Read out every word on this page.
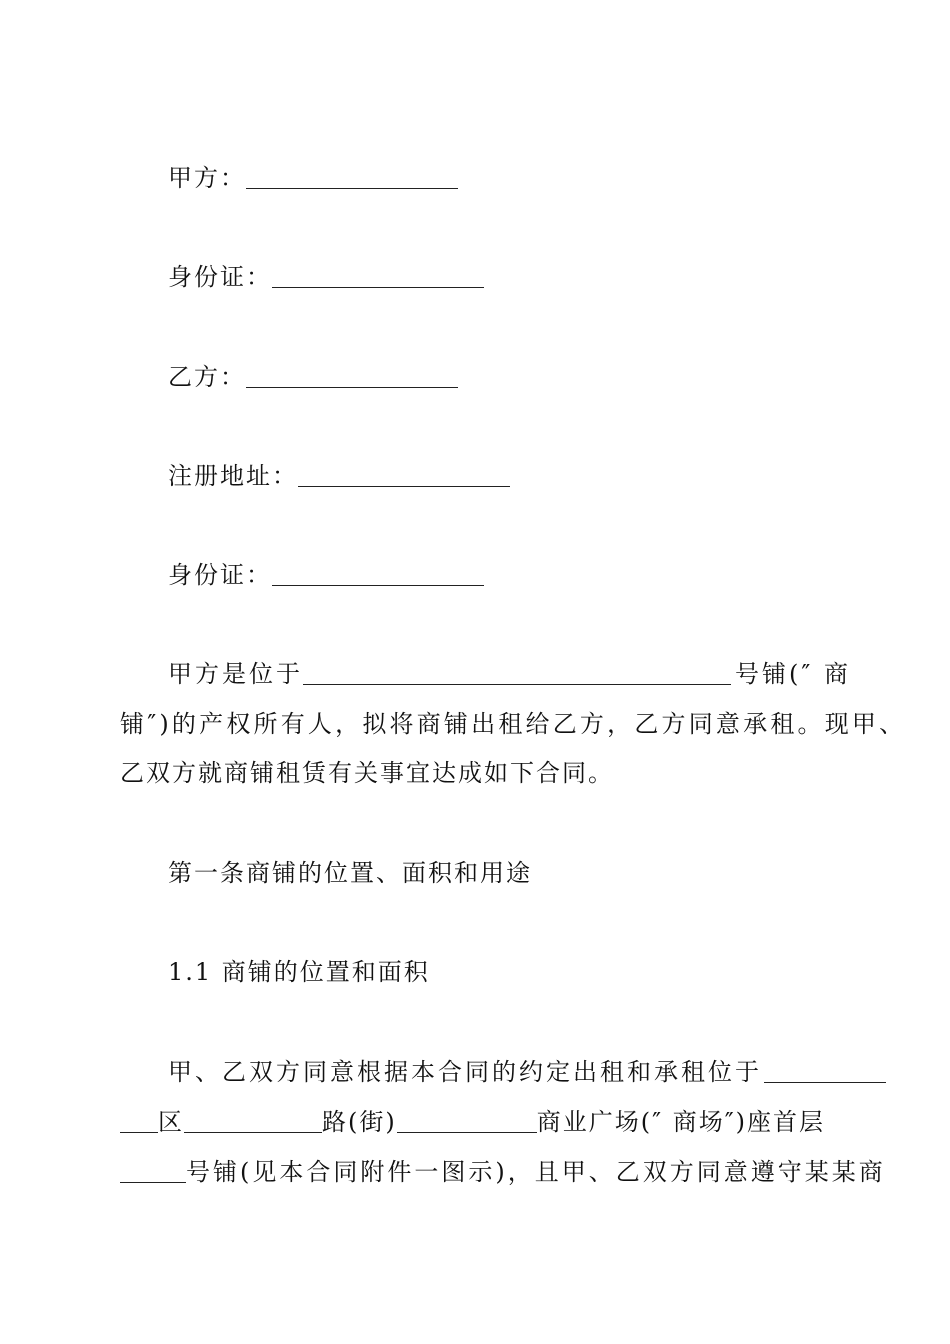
甲方：
身份证：
乙方：
注册地址：
身份证：
甲方是位于	号铺(″ 商
铺″)的产权所有人，拟将商铺出租给乙方，乙方同意承租。现甲、
乙双方就商铺租赁有关事宜达成如下合同。
第一条商铺的位置、面积和用途
1.1 商铺的位置和面积
甲、乙双方同意根据本合同的约定出租和承租位于
区	路(街)	商业广场(″ 商场″)座首层
号铺(见本合同附件一图示)，且甲、乙双方同意遵守某某商
